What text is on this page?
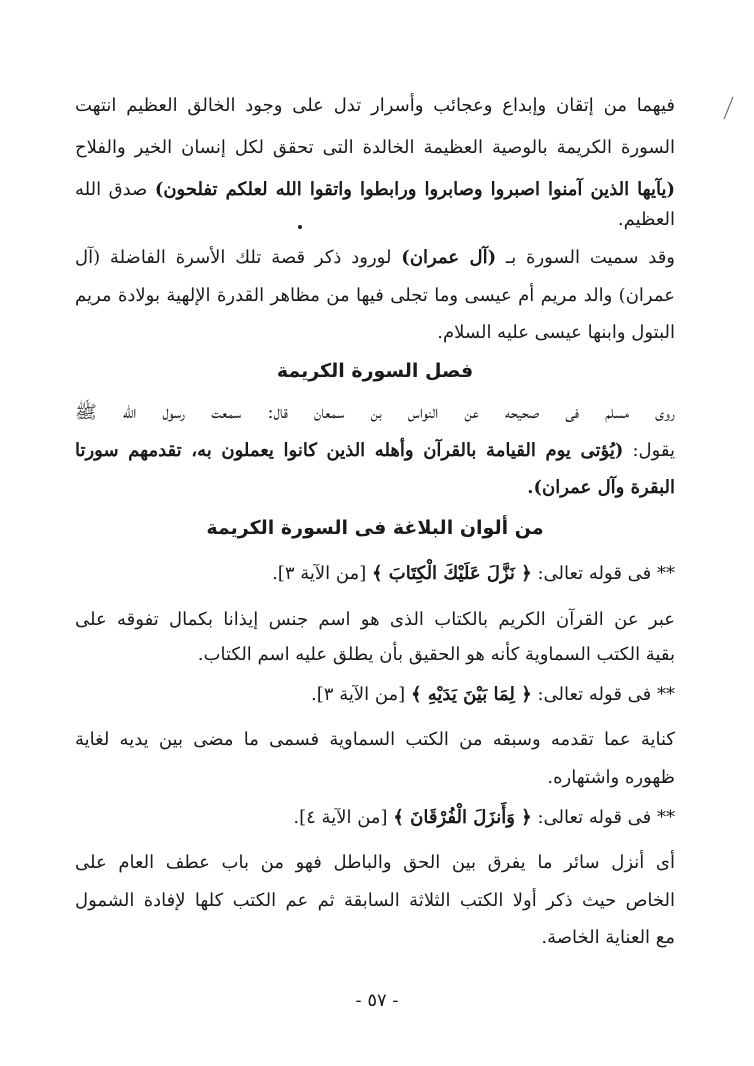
فيهما من إتقان وإبداع وعجائب وأسرار تدل على وجود الخالق العظيم انتهت
السورة الكريمة بالوصية العظيمة الخالدة التى تحقق لكل إنسان الخير والفلاح
(يآيها الذين آمنوا اصبروا وصابروا ورابطوا واتقوا الله لعلكم تفلحون) صدق الله
العظيم.
وقد سميت السورة بـ (آل عمران) لورود ذكر قصة تلك الأسرة الفاضلة (آل
عمران) والد مريم أم عيسى وما تجلى فيها من مظاهر القدرة الإلهية بولادة مريم
البتول وابنها عيسى عليه السلام.
فصل السورة الكريمة
روى مسلم فى صحيحه عن النواس بن سمعان قال: سمعت رسول الله ﷺ
يقول: (يُؤتى يوم القيامة بالقرآن وأهله الذين كانوا يعملون به، تقدمهم سورتا
البقرة وآل عمران).
من ألوان البلاغة فى السورة الكريمة
** فى قوله تعالى: ﴿ نَزَّلَ عَلَيْكَ الْكِتَابَ ﴾ [من الآية ٣].
عبر عن القرآن الكريم بالكتاب الذى هو اسم جنس إيذانا بكمال تفوقه على
بقية الكتب السماوية كأنه هو الحقيق بأن يطلق عليه اسم الكتاب.
** فى قوله تعالى: ﴿ لِمَا بَيْنَ يَدَيْهِ ﴾ [من الآية ٣].
كناية عما تقدمه وسبقه من الكتب السماوية فسمى ما مضى بين يديه لغاية
ظهوره واشتهاره.
** فى قوله تعالى: ﴿ وَأَنزَلَ الْفُرْقَانَ ﴾ [من الآية ٤].
أى أنزل سائر ما يفرق بين الحق والباطل فهو من باب عطف العام على
الخاص حيث ذكر أولا الكتب الثلاثة السابقة ثم عم الكتب كلها لإفادة الشمول
مع العناية الخاصة.
- ٥٧ -
